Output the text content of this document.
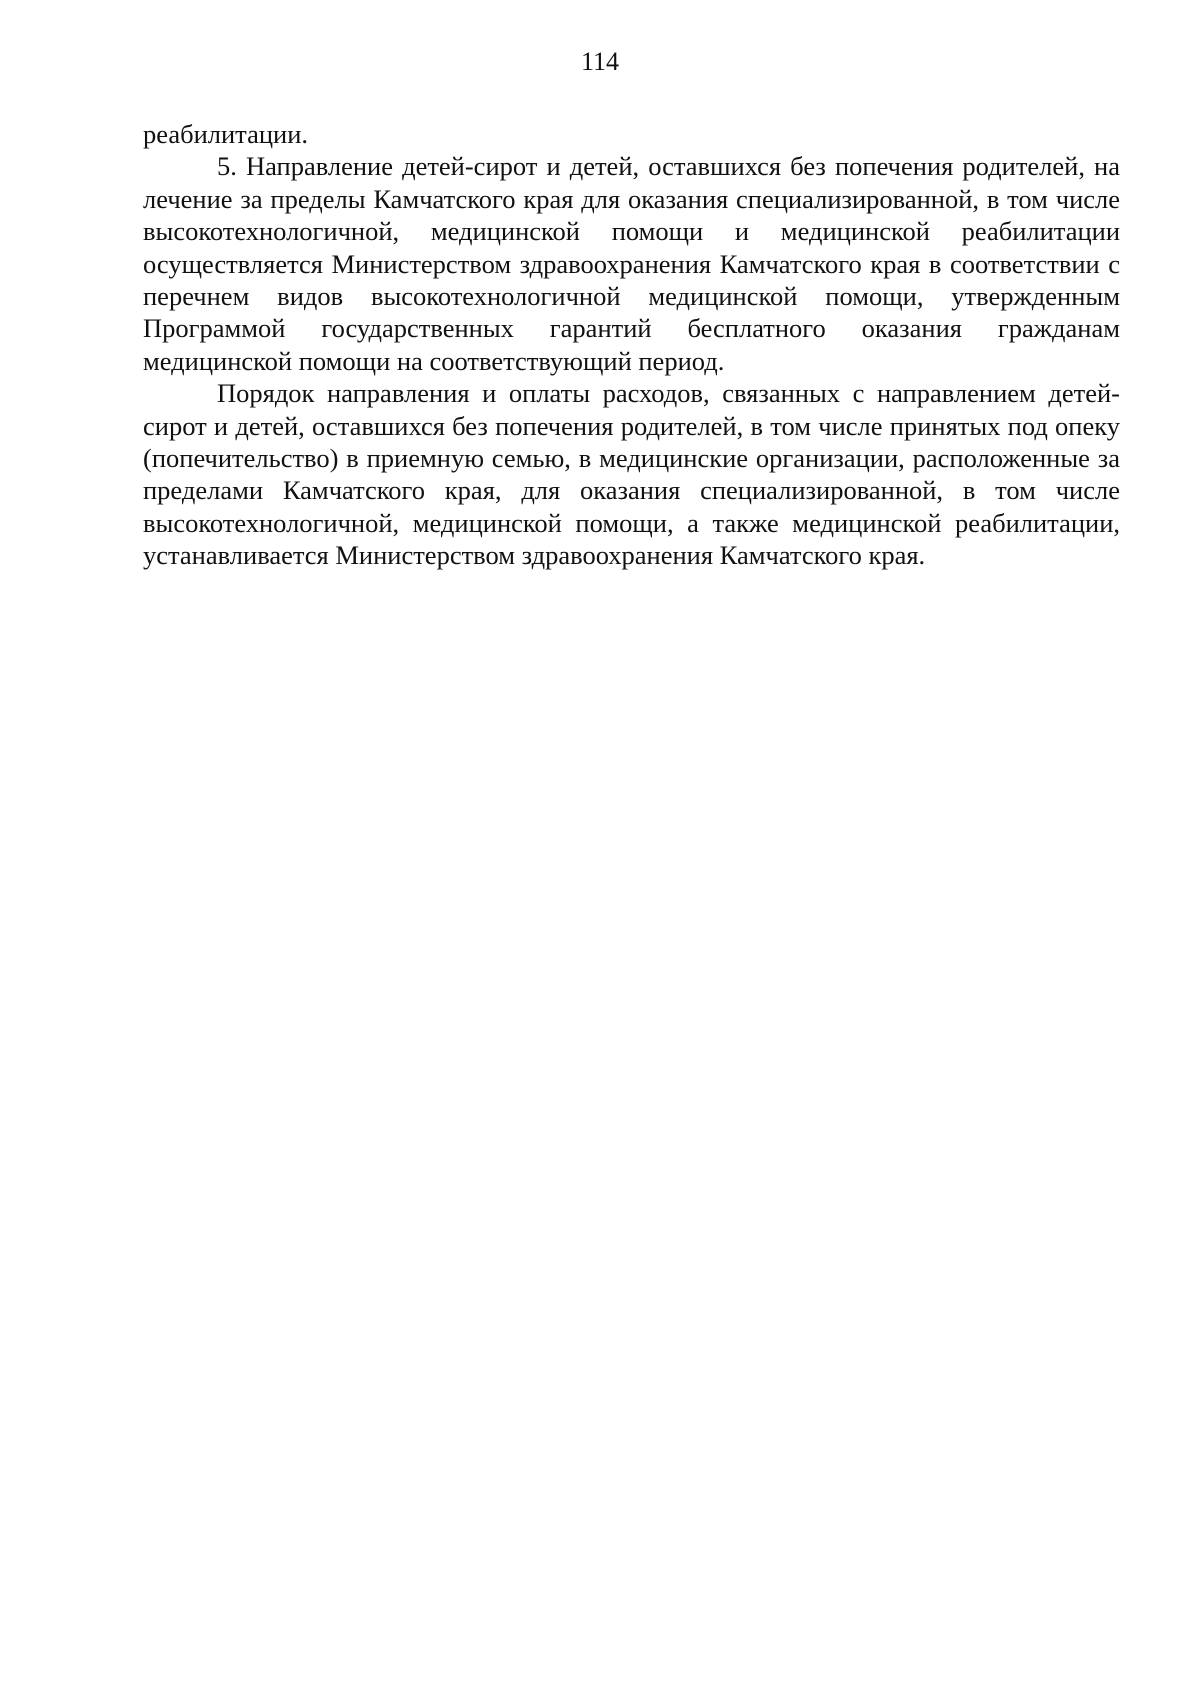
114

реабилитации.

5. Направление детей-сирот и детей, оставшихся без попечения родителей, на лечение за пределы Камчатского края для оказания специализированной, в том числе высокотехнологичной, медицинской помощи и медицинской реабилитации осуществляется Министерством здравоохранения Камчатского края в соответствии с перечнем видов высокотехнологичной медицинской помощи, утвержденным Программой государственных гарантий бесплатного оказания гражданам медицинской помощи на соответствующий период.

Порядок направления и оплаты расходов, связанных с направлением детей-сирот и детей, оставшихся без попечения родителей, в том числе принятых под опеку (попечительство) в приемную семью, в медицинские организации, расположенные за пределами Камчатского края, для оказания специализированной, в том числе высокотехнологичной, медицинской помощи, а также медицинской реабилитации, устанавливается Министерством здравоохранения Камчатского края.
